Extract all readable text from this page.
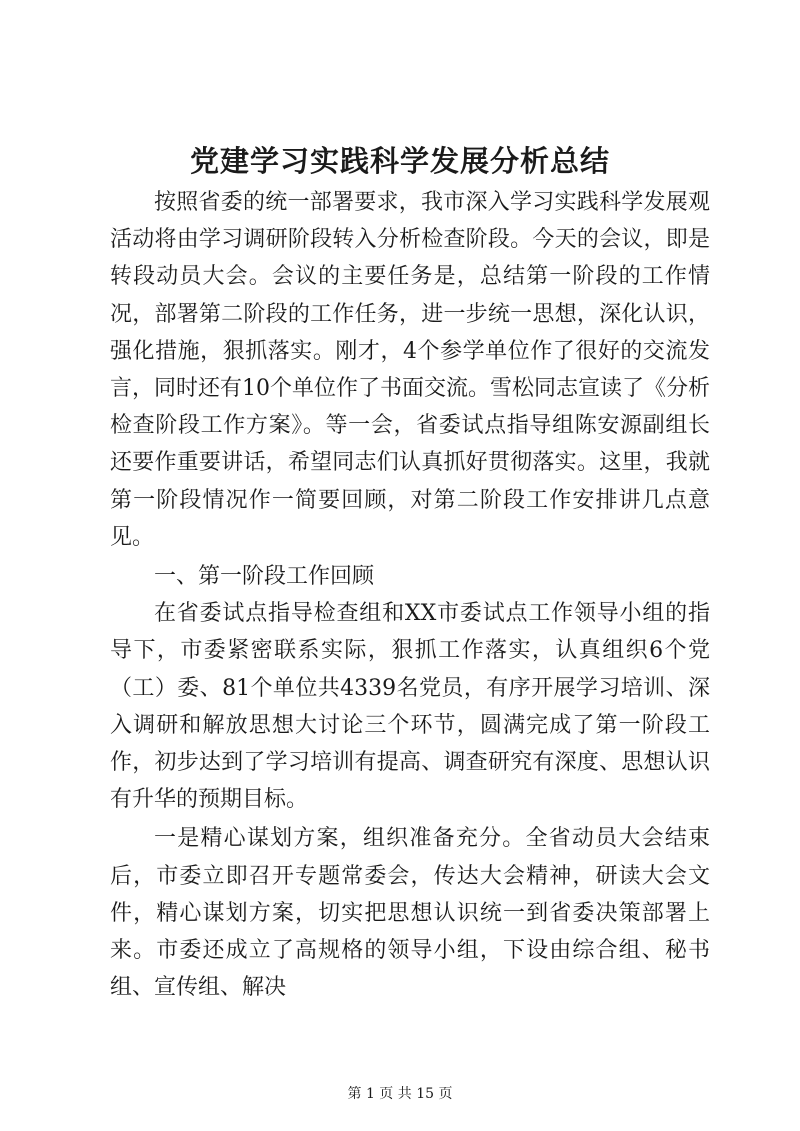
党建学习实践科学发展分析总结

按照省委的统一部署要求，我市深入学习实践科学发展观活动将由学习调研阶段转入分析检查阶段。今天的会议，即是转段动员大会。会议的主要任务是，总结第一阶段的工作情况，部署第二阶段的工作任务，进一步统一思想，深化认识，强化措施，狠抓落实。刚才，4个参学单位作了很好的交流发言，同时还有10个单位作了书面交流。雪松同志宣读了《分析检查阶段工作方案》。等一会，省委试点指导组陈安源副组长还要作重要讲话，希望同志们认真抓好贯彻落实。这里，我就第一阶段情况作一简要回顾，对第二阶段工作安排讲几点意见。

一、第一阶段工作回顾

在省委试点指导检查组和XX市委试点工作领导小组的指导下，市委紧密联系实际，狠抓工作落实，认真组织6个党（工）委、81个单位共4339名党员，有序开展学习培训、深入调研和解放思想大讨论三个环节，圆满完成了第一阶段工作，初步达到了学习培训有提高、调查研究有深度、思想认识有升华的预期目标。

一是精心谋划方案，组织准备充分。全省动员大会结束后，市委立即召开专题常委会，传达大会精神，研读大会文件，精心谋划方案，切实把思想认识统一到省委决策部署上来。市委还成立了高规格的领导小组，下设由综合组、秘书组、宣传组、解决

第 1 页 共 15 页
